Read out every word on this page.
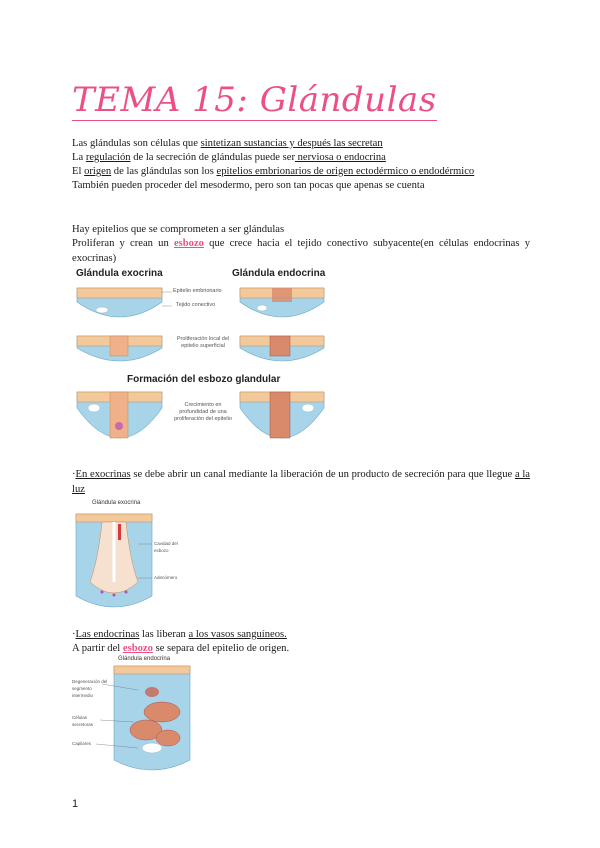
TEMA 15: Glándulas
Las glándulas son células que sintetizan sustancias y después las secretan
La regulación de la secreción de glándulas puede ser nerviosa o endocrina
El origen de las glándulas son los epitelios embrionarios de origen ectodérmico o endodérmico
También pueden proceder del mesodermo, pero son tan pocas que apenas se cuenta
Hay epitelios que se comprometen a ser glándulas
Proliferan y crean un esbozo que crece hacia el tejido conectivo subyacente(en células endocrinas y exocrinas)
Glándula exocrina	Glándula endocrina
Epitelio embrionario
Tejido conectivo
Proliferación local del epitelio superficial
Formación del esbozo glandular
Crecimiento en profundidad de una proliferación del epitelio
·En exocrinas se debe abrir un canal mediante la liberación de un producto de secreción para que llegue a la luz
Glándula exocrina
Cavidad del esbozo
Adenómero
·Las endocrinas las liberan a los vasos sanguíneos.
A partir del esbozo se separa del epitelio de origen.
Glándula endocrina
Degeneración del segmento intermedio
Células secretoras
Capilares
1
